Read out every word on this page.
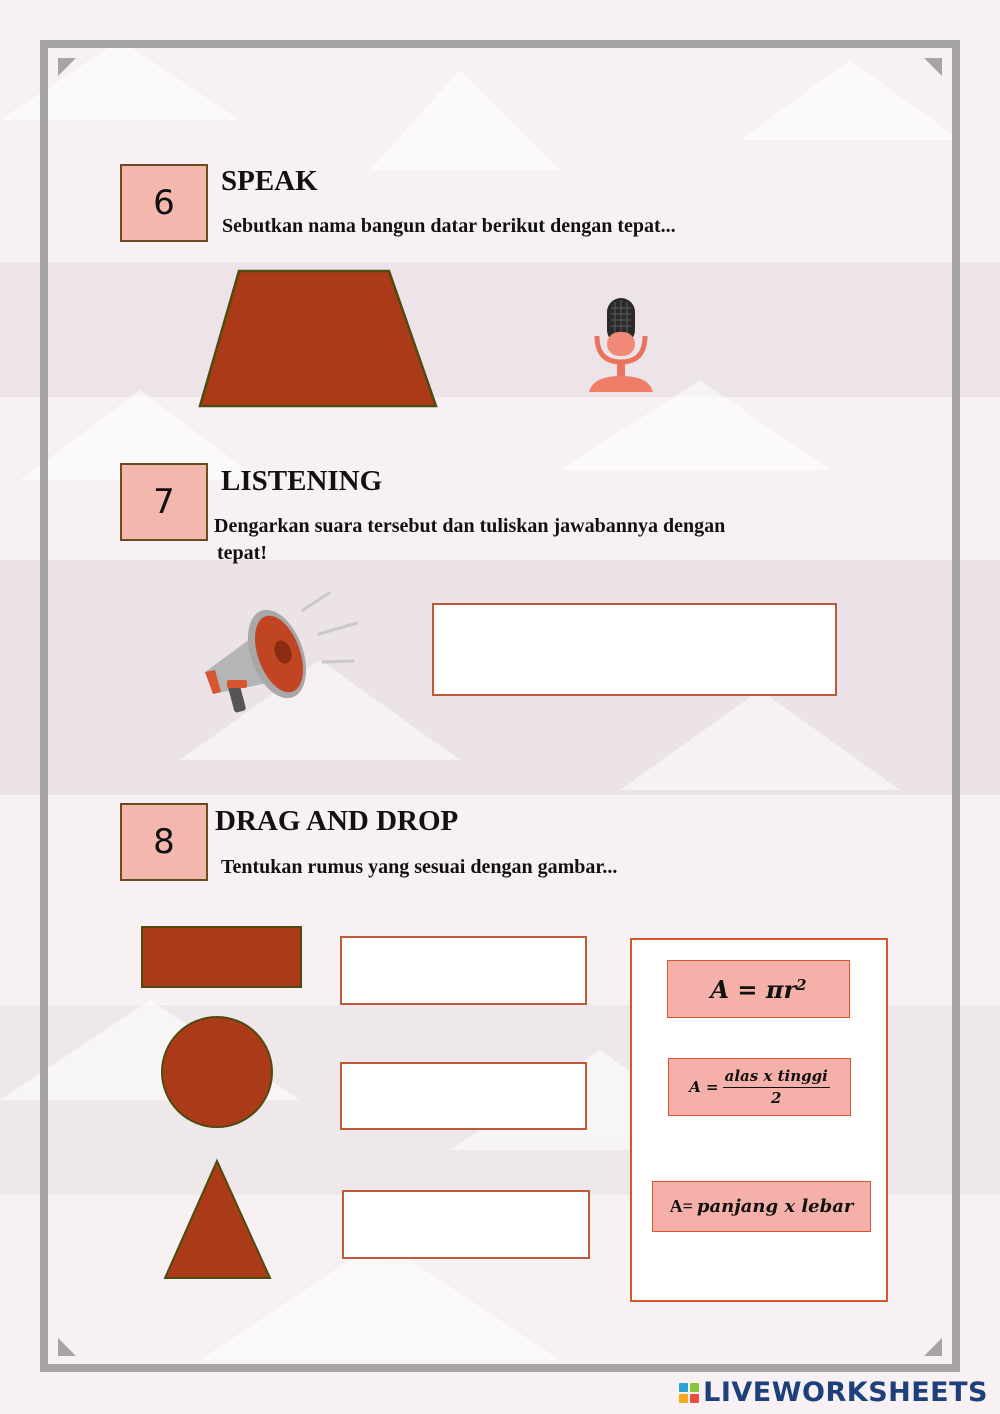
6
SPEAK
Sebutkan nama bangun datar berikut dengan tepat...
7
LISTENING
Dengarkan suara tersebut dan tuliskan jawabannya dengan
tepat!
8
DRAG AND DROP
Tentukan rumus yang sesuai dengan gambar...
$A = \pi r^2$
$A = \frac{\text{alas x tinggi}}{2}$
A= panjang x lebar
LIVEWORKSHEETS
